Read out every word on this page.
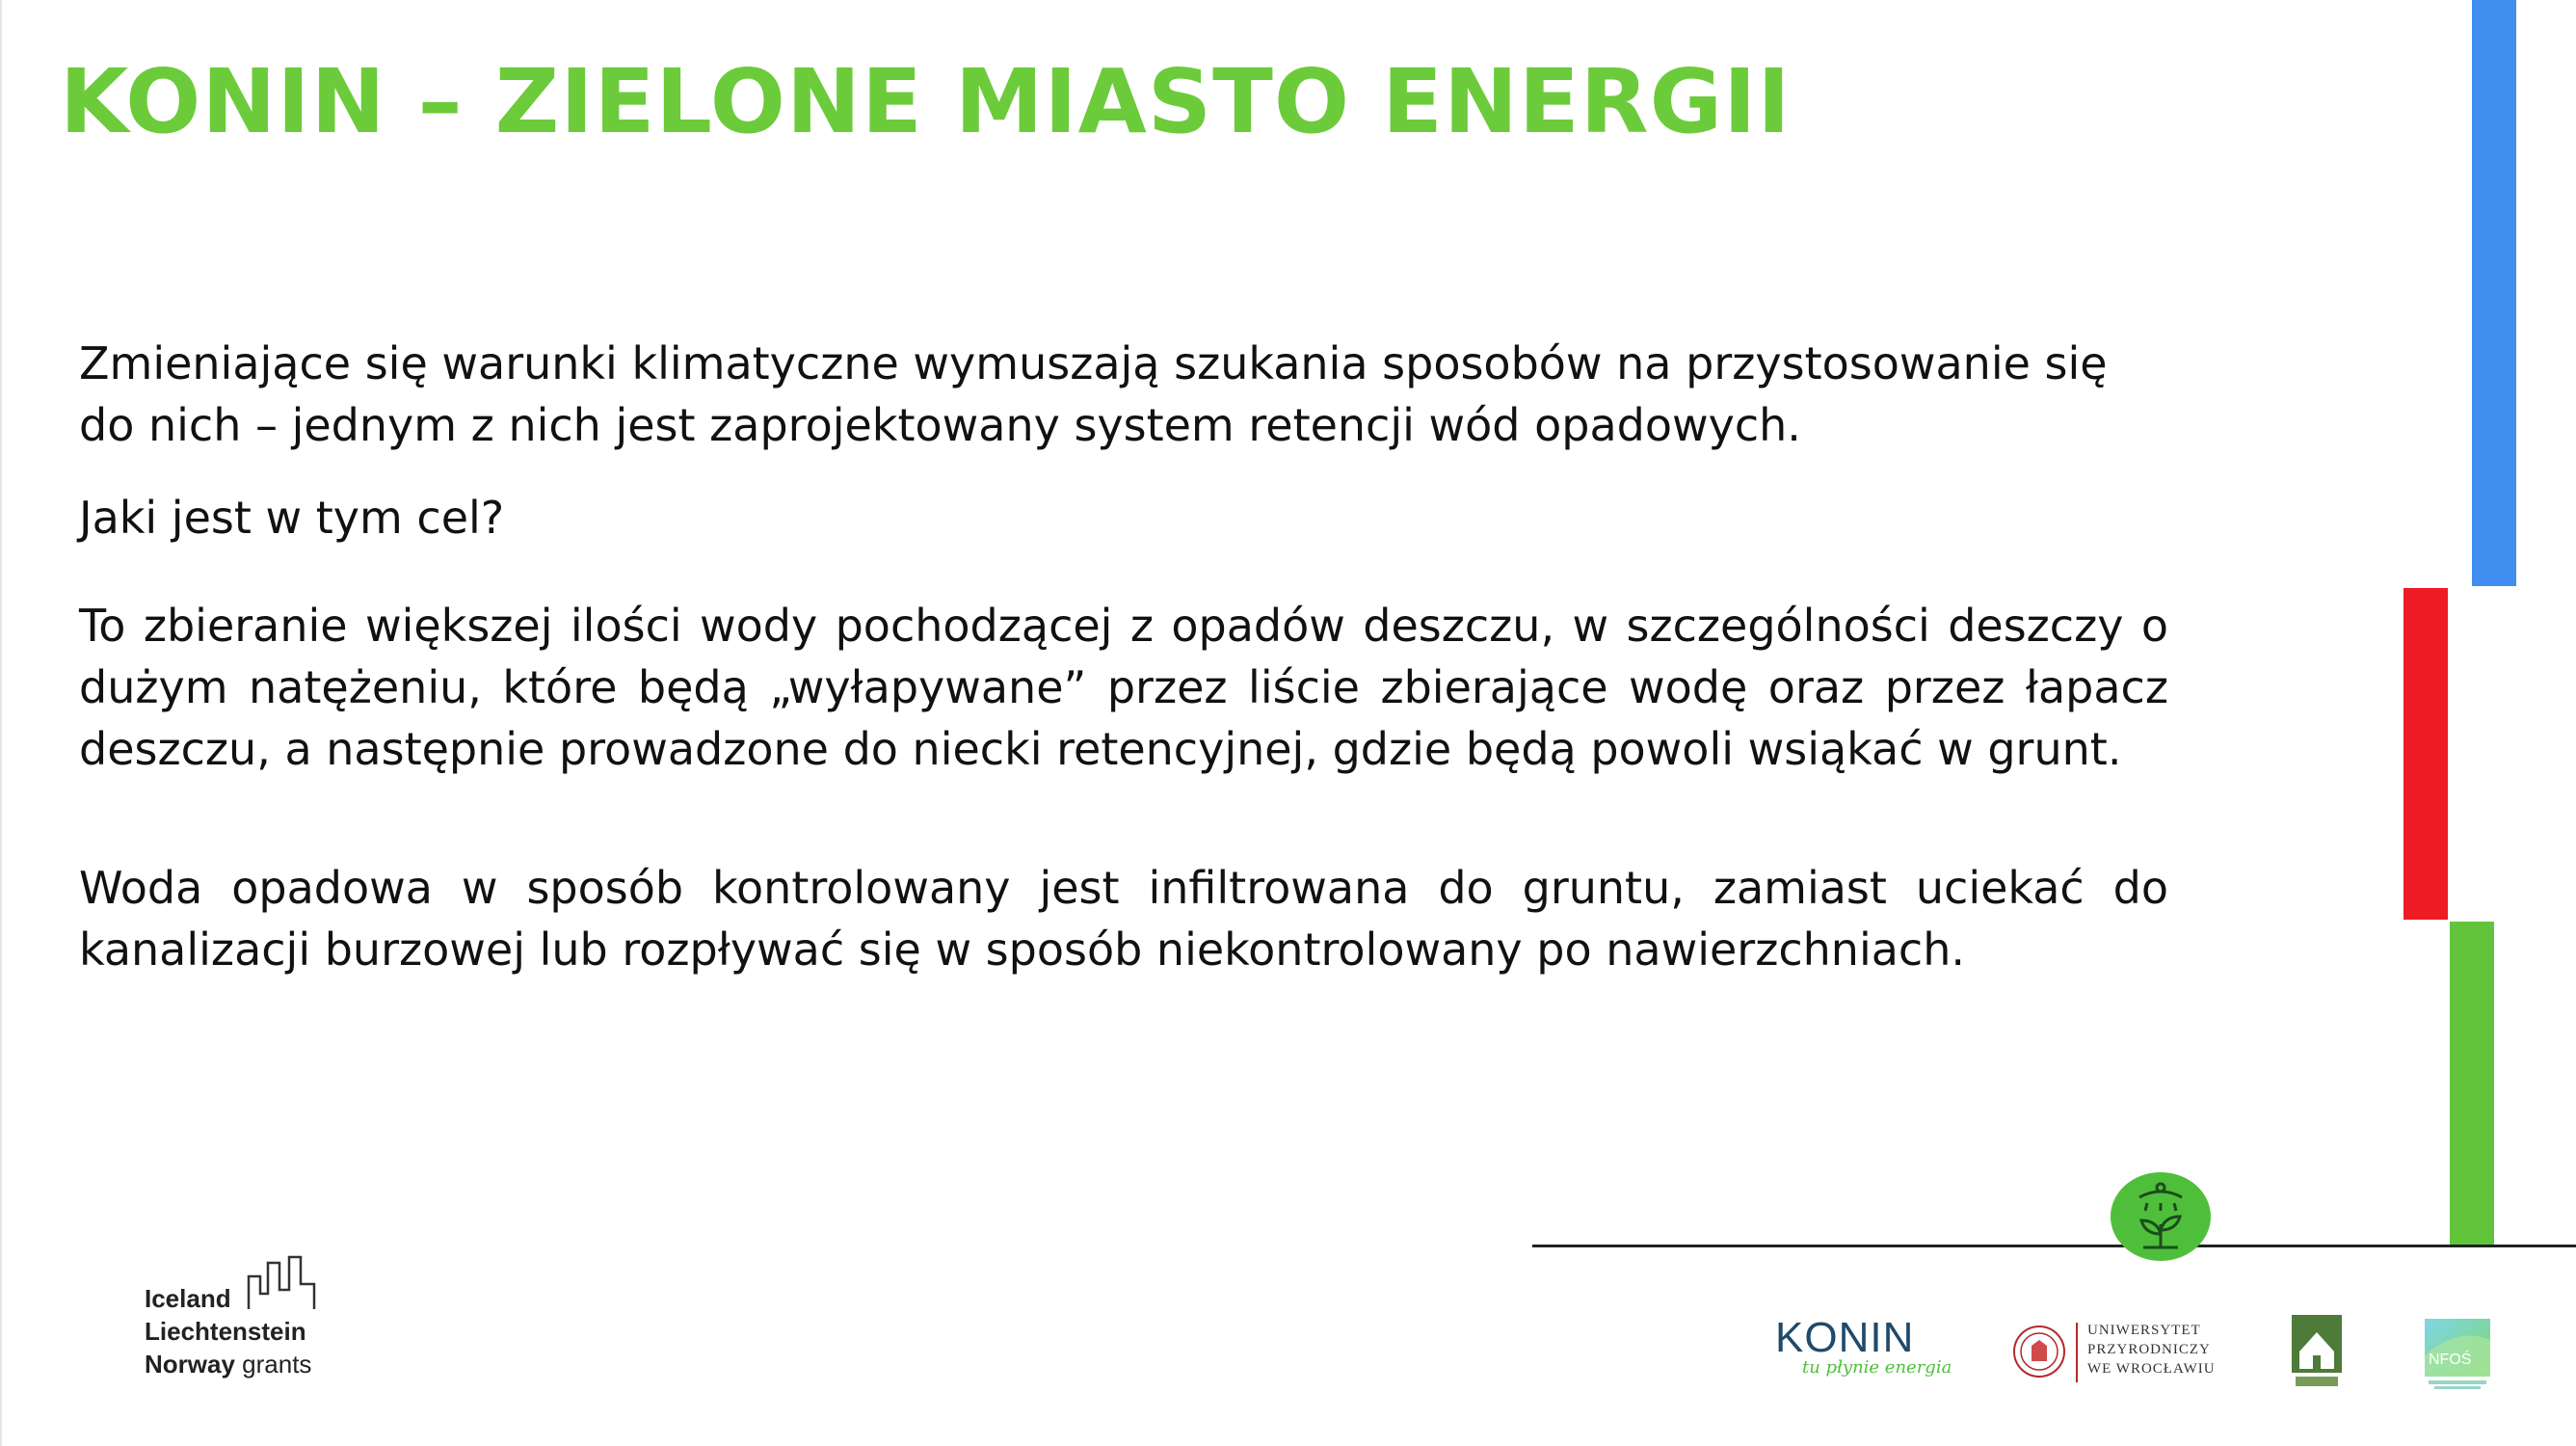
KONIN – ZIELONE MIASTO ENERGII

Zmieniające się warunki klimatyczne wymuszają szukania sposobów na przystosowanie się do nich – jednym z nich jest zaprojektowany system retencji wód opadowych.

Jaki jest w tym cel?

To zbieranie większej ilości wody pochodzącej z opadów deszczu, w szczególności deszczy o dużym natężeniu, które będą „wyłapywane” przez liście zbierające wodę oraz przez łapacz deszczu, a następnie prowadzone do niecki retencyjnej, gdzie będą powoli wsiąkać w grunt.

Woda opadowa w sposób kontrolowany jest infiltrowana do gruntu, zamiast uciekać do kanalizacji burzowej lub rozpływać się w sposób niekontrolowany po nawierzchniach.

Iceland
Liechtenstein
Norway grants
KONIN
tu płynie energia
UNIWERSYTET
PRZYRODNICZY
WE WROCŁAWIU
NFOŚ
